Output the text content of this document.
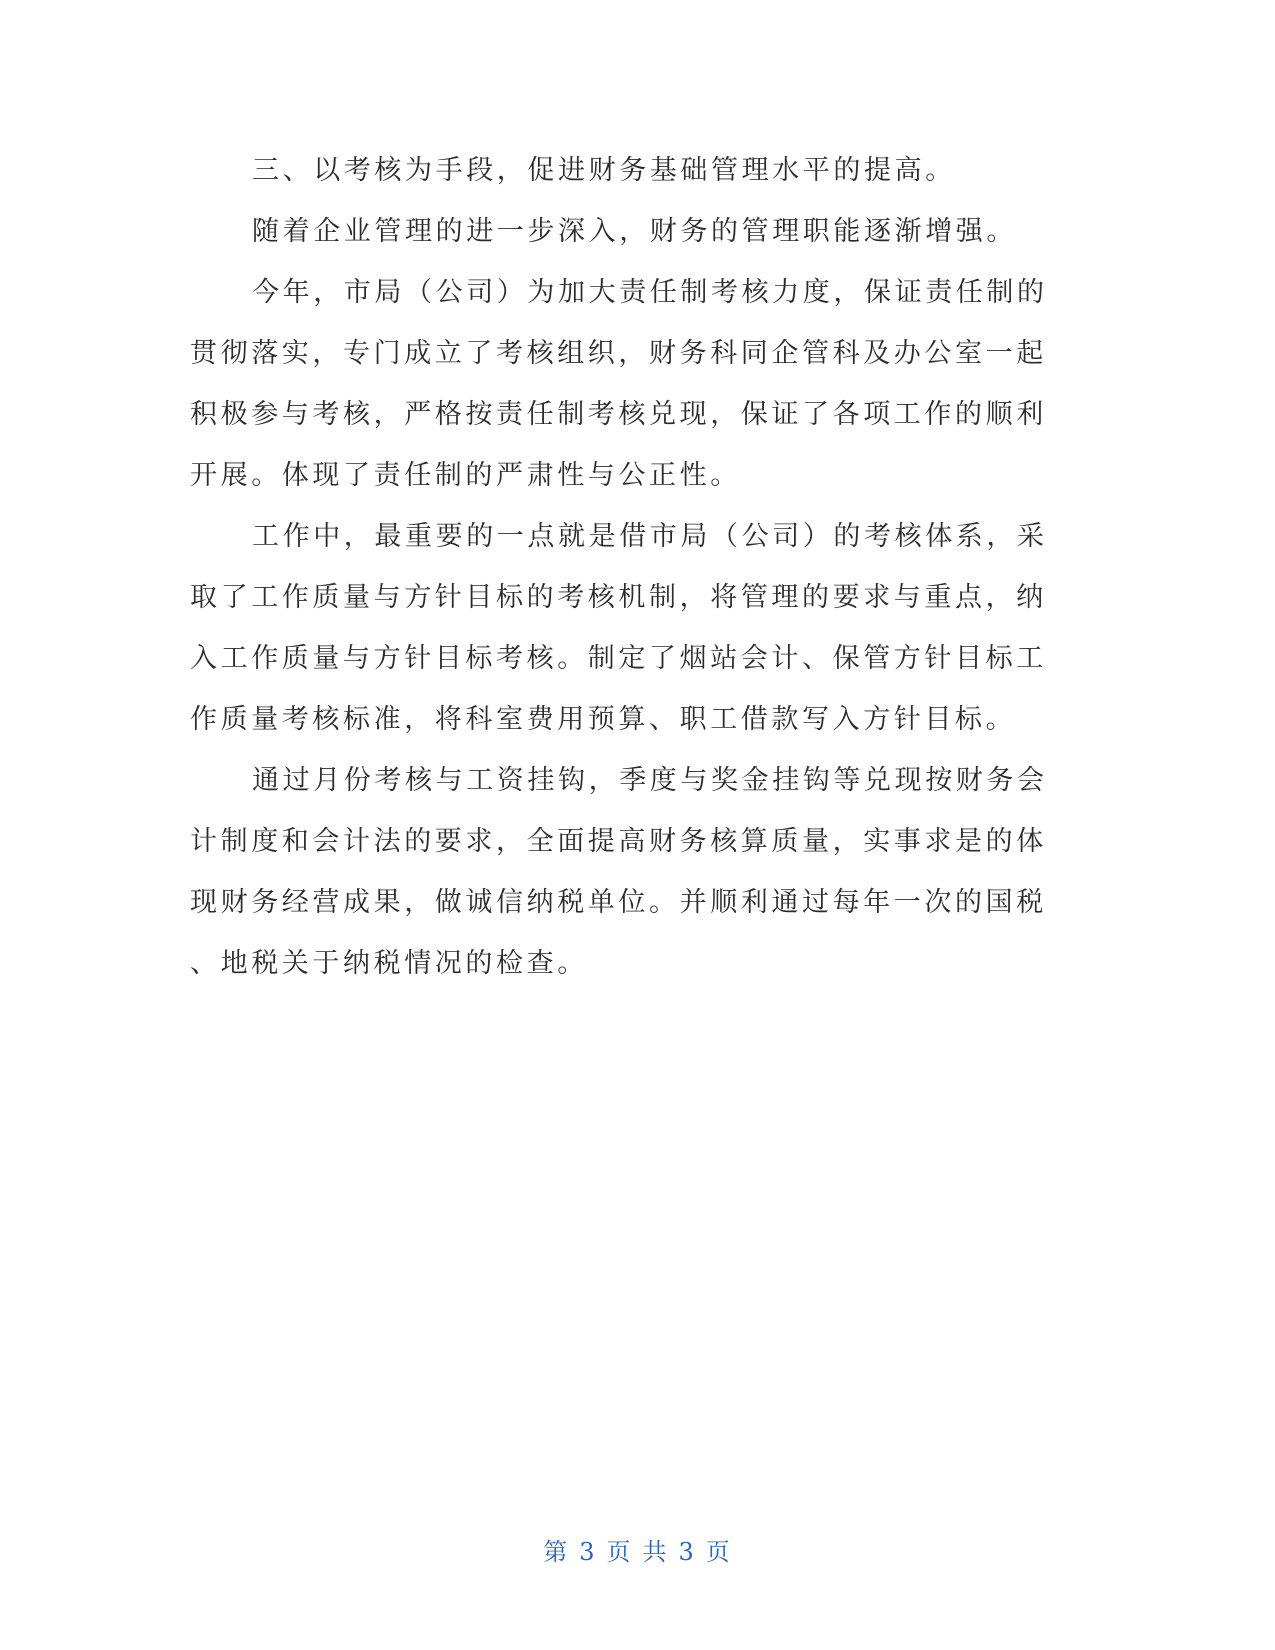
三、以考核为手段，促进财务基础管理水平的提高。
随着企业管理的进一步深入，财务的管理职能逐渐增强。
今年，市局（公司）为加大责任制考核力度，保证责任制的
贯彻落实，专门成立了考核组织，财务科同企管科及办公室一起
积极参与考核，严格按责任制考核兑现，保证了各项工作的顺利
开展。体现了责任制的严肃性与公正性。
工作中，最重要的一点就是借市局（公司）的考核体系，采
取了工作质量与方针目标的考核机制，将管理的要求与重点，纳
入工作质量与方针目标考核。制定了烟站会计、保管方针目标工
作质量考核标准，将科室费用预算、职工借款写入方针目标。
通过月份考核与工资挂钩，季度与奖金挂钩等兑现按财务会
计制度和会计法的要求，全面提高财务核算质量，实事求是的体
现财务经营成果，做诚信纳税单位。并顺利通过每年一次的国税
、地税关于纳税情况的检查。
第 3 页 共 3 页
